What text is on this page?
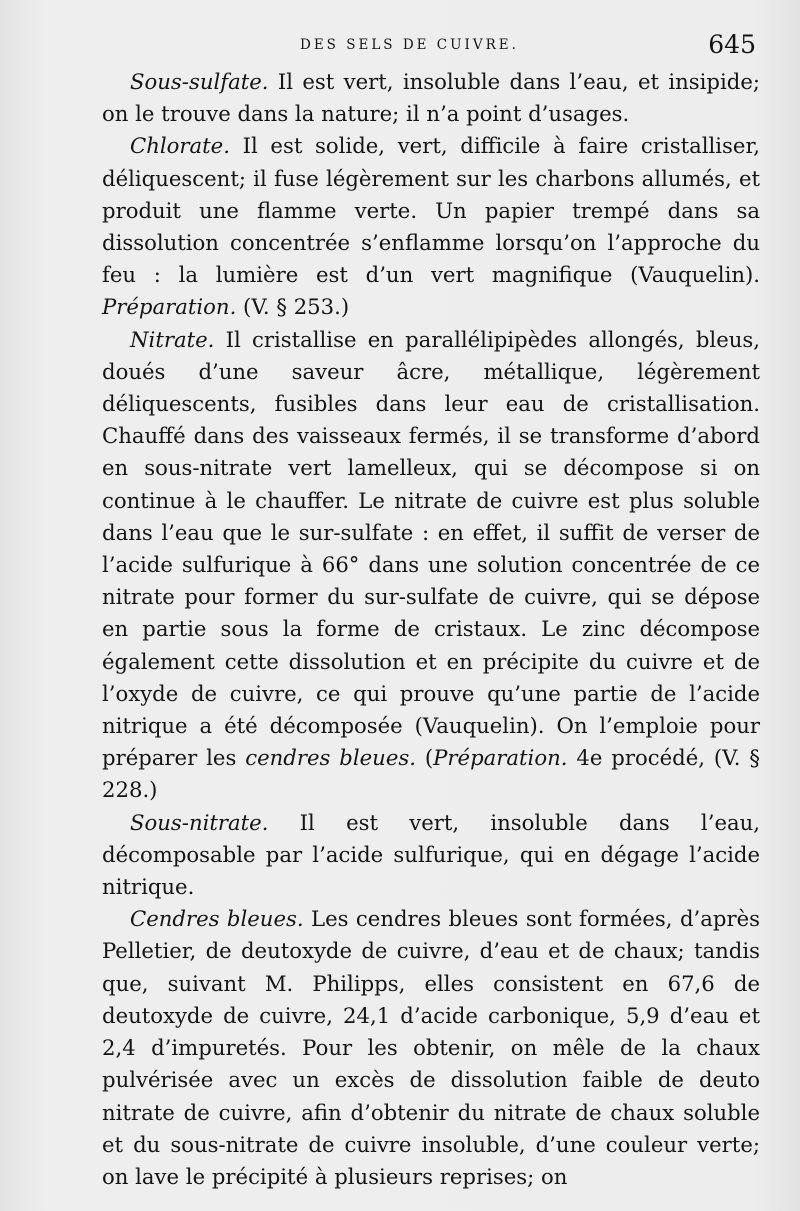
DES SELS DE CUIVRE.	645

Sous-sulfate. Il est vert, insoluble dans l’eau, et insipide; on le trouve dans la nature; il n’a point d’usages.

Chlorate. Il est solide, vert, difficile à faire cristalliser, déliquescent; il fuse légèrement sur les charbons allumés, et produit une flamme verte. Un papier trempé dans sa dissolution concentrée s’enflamme lorsqu’on l’approche du feu : la lumière est d’un vert magnifique (Vauquelin). Préparation. (V. § 253.)

Nitrate. Il cristallise en parallélipipèdes allongés, bleus, doués d’une saveur âcre, métallique, légèrement déliquescents, fusibles dans leur eau de cristallisation. Chauffé dans des vaisseaux fermés, il se transforme d’abord en sous-nitrate vert lamelleux, qui se décompose si on continue à le chauffer. Le nitrate de cuivre est plus soluble dans l’eau que le sur-sulfate : en effet, il suffit de verser de l’acide sulfurique à 66° dans une solution concentrée de ce nitrate pour former du sur-sulfate de cuivre, qui se dépose en partie sous la forme de cristaux. Le zinc décompose également cette dissolution et en précipite du cuivre et de l’oxyde de cuivre, ce qui prouve qu’une partie de l’acide nitrique a été décomposée (Vauquelin). On l’emploie pour préparer les cendres bleues. (Préparation. 4e procédé, (V. § 228.)

Sous-nitrate. Il est vert, insoluble dans l’eau, décomposable par l’acide sulfurique, qui en dégage l’acide nitrique.

Cendres bleues. Les cendres bleues sont formées, d’après Pelletier, de deutoxyde de cuivre, d’eau et de chaux; tandis que, suivant M. Philipps, elles consistent en 67,6 de deutoxyde de cuivre, 24,1 d’acide carbonique, 5,9 d’eau et 2,4 d’impuretés. Pour les obtenir, on mêle de la chaux pulvérisée avec un excès de dissolution faible de deuto nitrate de cuivre, afin d’obtenir du nitrate de chaux soluble et du sous-nitrate de cuivre insoluble, d’une couleur verte; on lave le précipité à plusieurs reprises; on
